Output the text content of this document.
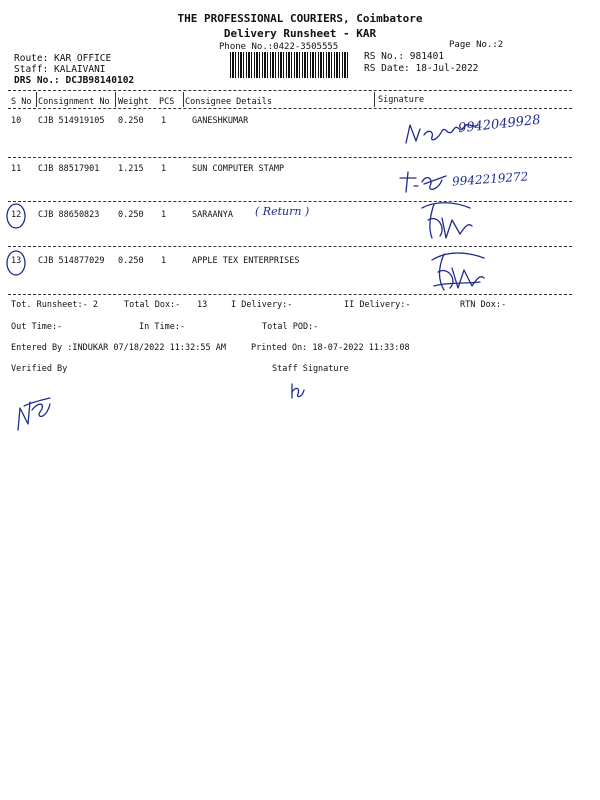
THE PROFESSIONAL COURIERS, Coimbatore
Delivery Runsheet - KAR
Phone No.:0422-3505555	Page No.:2
Route: KAR OFFICE
Staff: KALAIVANI
DRS No.: DCJB98140102
RS No.: 981401
RS Date: 18-Jul-2022
S No Consignment No Weight PCS Consignee Details	Signature
10 CJB 514919105 0.250 1	GANESHKUMAR
11 CJB 88517901 1.215 1	SUN COMPUTER STAMP
12 CJB 88650823 0.250 1	SARAANYA
13 CJB 514877029 0.250 1	APPLE TEX ENTERPRISES
( Return )
9942049928
9942219272
Tot. Runsheet:- 2	Total Dox:- 13	I Delivery:-	II Delivery:-	RTN Dox:-
Out Time:-	In Time:-	Total POD:-
Entered By :INDUKAR 07/18/2022 11:32:55 AM	Printed On: 18-07-2022 11:33:08
Verified By	Staff Signature
